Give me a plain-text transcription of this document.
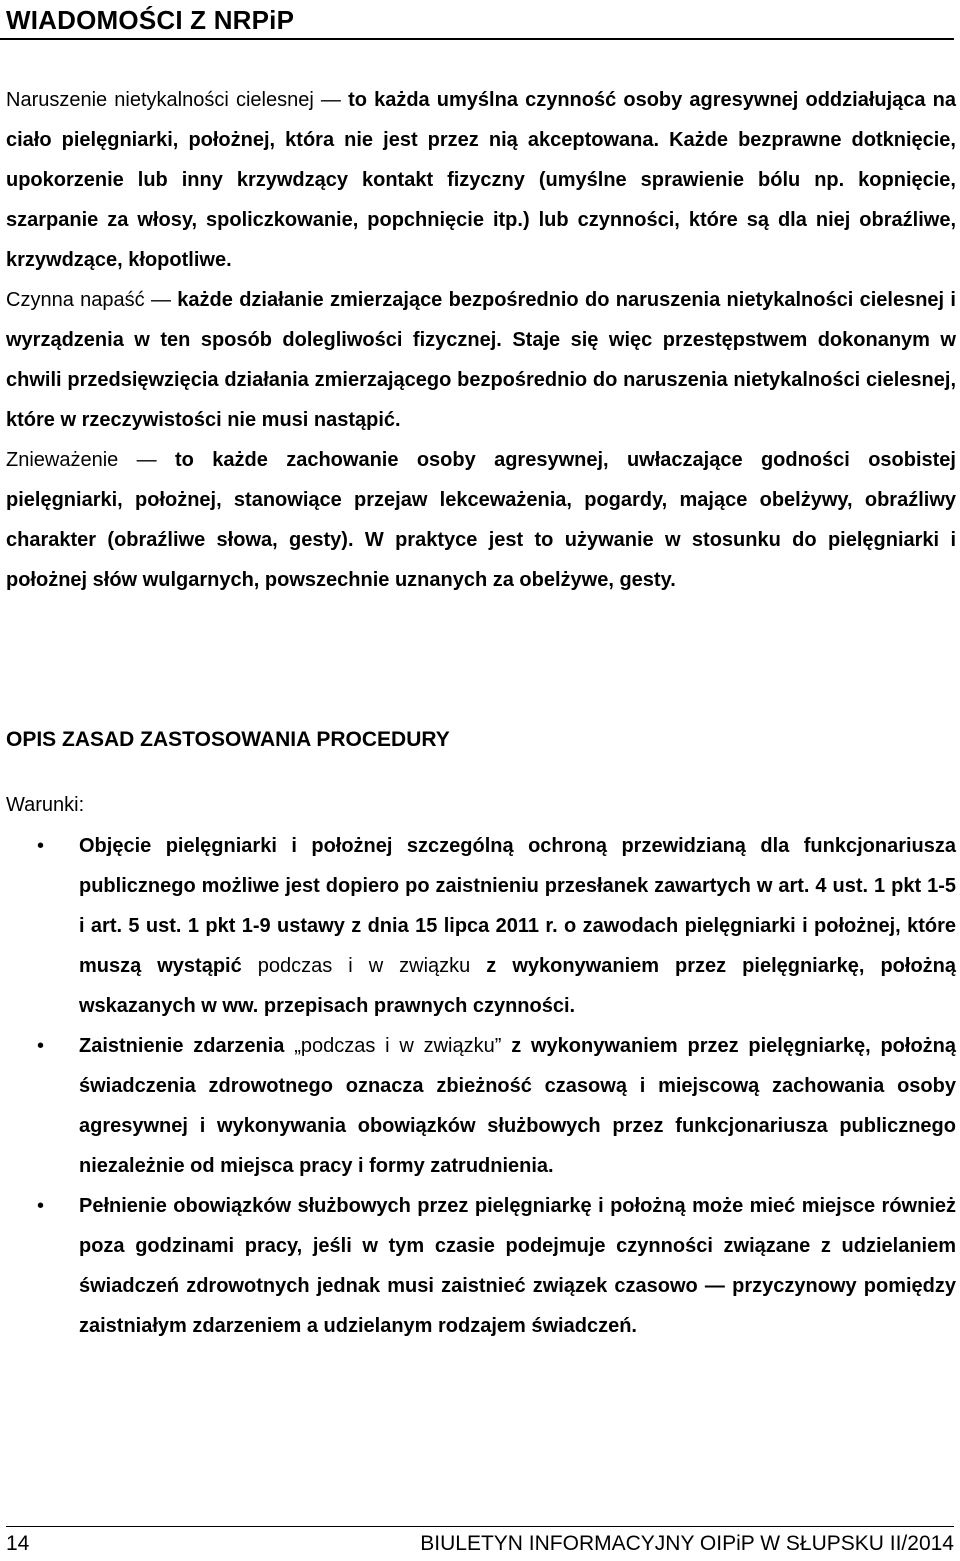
WIADOMOŚCI Z NRPiP

Naruszenie nietykalności cielesnej — to każda umyślna czynność osoby agresywnej oddziałująca na ciało pielęgniarki, położnej, która nie jest przez nią akceptowana. Każde bezprawne dotknięcie, upokorzenie lub inny krzywdzący kontakt fizyczny (umyślne sprawienie bólu np. kopnięcie, szarpanie za włosy, spoliczkowanie, popchnięcie itp.) lub czynności, które są dla niej obraźliwe, krzywdzące, kłopotliwe.

Czynna napaść — każde działanie zmierzające bezpośrednio do naruszenia nietykalności cielesnej i wyrządzenia w ten sposób dolegliwości fizycznej. Staje się więc przestępstwem dokonanym w chwili przedsięwzięcia działania zmierzającego bezpośrednio do naruszenia nietykalności cielesnej, które w rzeczywistości nie musi nastąpić.

Znieważenie — to każde zachowanie osoby agresywnej, uwłaczające godności osobistej pielęgniarki, położnej, stanowiące przejaw lekceważenia, pogardy, mające obelżywy, obraźliwy charakter (obraźliwe słowa, gesty). W praktyce jest to używanie w stosunku do pielęgniarki i położnej słów wulgarnych, powszechnie uznanych za obelżywe, gesty.

OPIS ZASAD ZASTOSOWANIA PROCEDURY
Warunki:
• Objęcie pielęgniarki i położnej szczególną ochroną przewidzianą dla funkcjonariusza publicznego możliwe jest dopiero po zaistnieniu przesłanek zawartych w art. 4 ust. 1 pkt 1-5 i art. 5 ust. 1 pkt 1-9 ustawy z dnia 15 lipca 2011 r. o zawodach pielęgniarki i położnej, które muszą wystąpić podczas i w związku z wykonywaniem przez pielęgniarkę, położną wskazanych w ww. przepisach prawnych czynności.
• Zaistnienie zdarzenia „podczas i w związku” z wykonywaniem przez pielęgniarkę, położną świadczenia zdrowotnego oznacza zbieżność czasową i miejscową zachowania osoby agresywnej i wykonywania obowiązków służbowych przez funkcjonariusza publicznego niezależnie od miejsca pracy i formy zatrudnienia.
• Pełnienie obowiązków służbowych przez pielęgniarkę i położną może mieć miejsce również poza godzinami pracy, jeśli w tym czasie podejmuje czynności związane z udzielaniem świadczeń zdrowotnych jednak musi zaistnieć związek czasowo — przyczynowy pomiędzy zaistniałym zdarzeniem a udzielanym rodzajem świadczeń.
14	BIULETYN INFORMACYJNY OIPiP W SŁUPSKU II/2014
